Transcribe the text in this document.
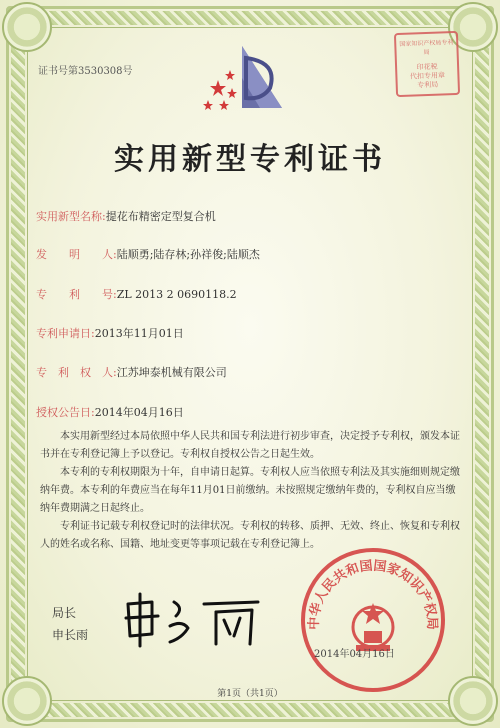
证书号第3530308号
国家知识产权局专利局
印花税
代扣专用章
专利局
实用新型专利证书
实用新型名称:提花布精密定型复合机
发　　明　　人:陆顺勇;陆存林;孙祥俊;陆顺杰
专　　利　　号:ZL 2013 2 0690118.2
专利申请日:2013年11月01日
专　利　权　人:江苏坤泰机械有限公司
授权公告日:2014年04月16日

本实用新型经过本局依照中华人民共和国专利法进行初步审查，决定授予专利权，颁发本证书并在专利登记簿上予以登记。专利权自授权公告之日起生效。

本专利的专利权期限为十年，自申请日起算。专利权人应当依照专利法及其实施细则规定缴纳年费。本专利的年费应当在每年11月01日前缴纳。未按照规定缴纳年费的，专利权自应当缴纳年费期满之日起终止。

专利证书记载专利权登记时的法律状况。专利权的转移、质押、无效、终止、恢复和专利权人的姓名或名称、国籍、地址变更等事项记载在专利登记簿上。

局长
申长雨
中华人民共和国国家知识产权局
2014年04月16日
第1页（共1页）
